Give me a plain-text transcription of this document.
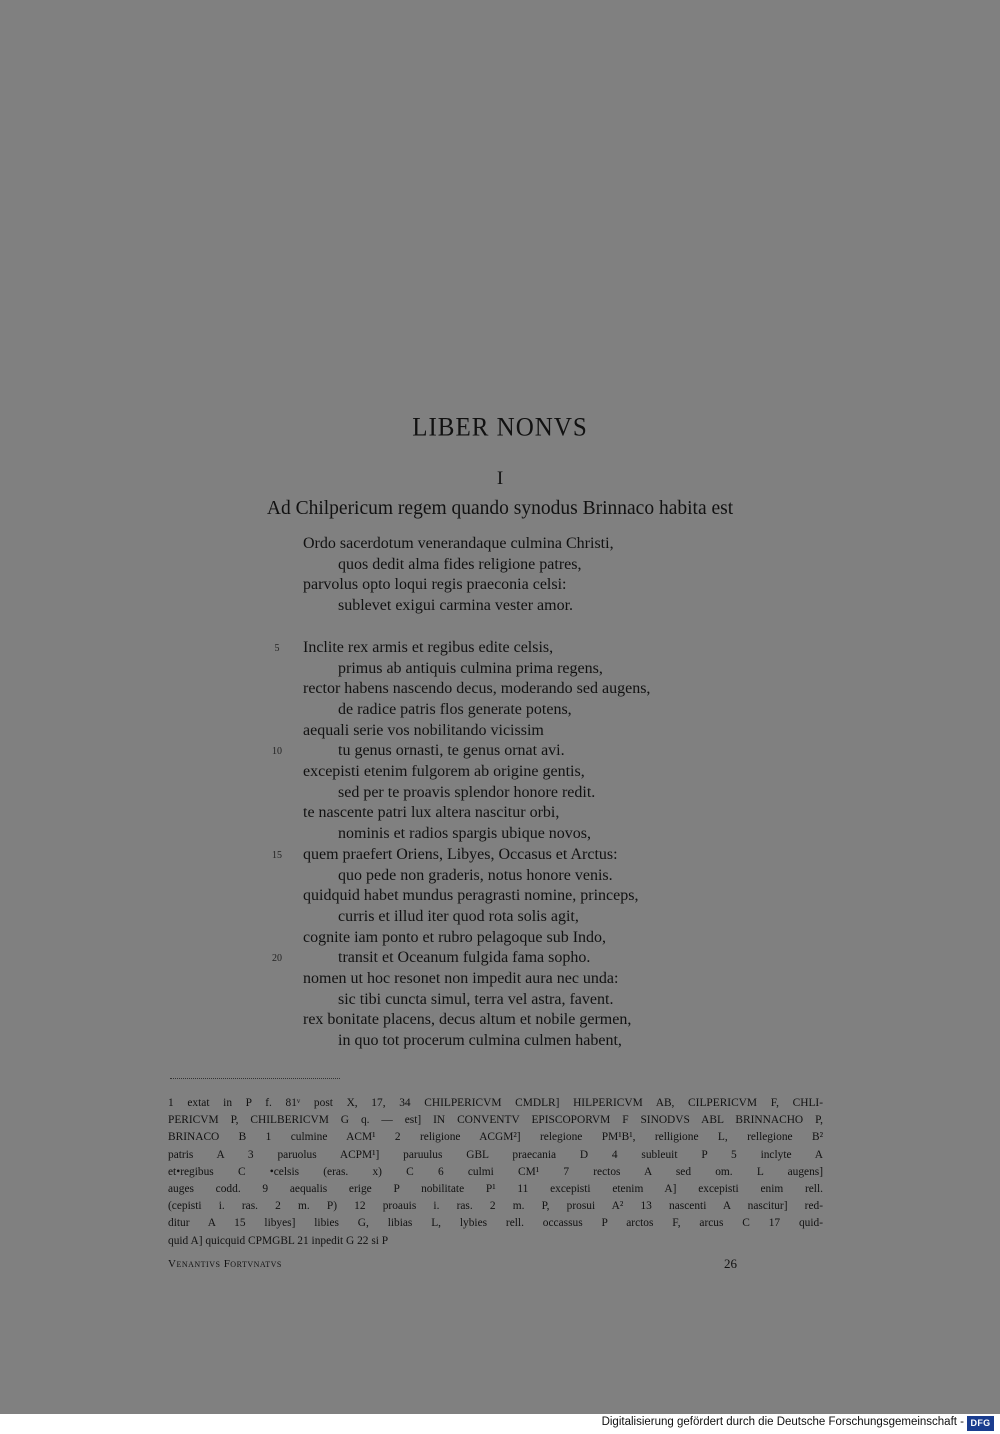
LIBER NONVS
I
Ad Chilpericum regem quando synodus Brinnaco habita est
Ordo sacerdotum venerandaque culmina Christi,
quos dedit alma fides religione patres,
parvolus opto loqui regis praeconia celsi:
sublevet exigui carmina vester amor.
Inclite rex armis et regibus edite celsis,
5
primus ab antiquis culmina prima regens,
rector habens nascendo decus, moderando sed augens,
de radice patris flos generate potens,
aequali serie vos nobilitando vicissim
tu genus ornasti, te genus ornat avi.
10
excepisti etenim fulgorem ab origine gentis,
sed per te proavis splendor honore redit.
te nascente patri lux altera nascitur orbi,
nominis et radios spargis ubique novos,
quem praefert Oriens, Libyes, Occasus et Arctus:
15
quo pede non graderis, notus honore venis.
quidquid habet mundus peragrasti nomine, princeps,
curris et illud iter quod rota solis agit,
cognite iam ponto et rubro pelagoque sub Indo,
transit et Oceanum fulgida fama sopho.
20
nomen ut hoc resonet non impedit aura nec unda:
sic tibi cuncta simul, terra vel astra, favent.
rex bonitate placens, decus altum et nobile germen,
in quo tot procerum culmina culmen habent,
1 extat in P f. 81ᵛ post X, 17, 34 CHILPERICVM CMDLR] HILPERICVM AB, CILPERICVM F, CHLI-
PERICVM P, CHILBERICVM G q. — est] IN CONVENTV EPISCOPORVM F SINODVS ABL BRINNACHO P,
BRINACO B 1 culmine ACM¹ 2 religione ACGM²] relegione PM¹B¹, relligione L, rellegione B²
patris A 3 paruolus ACPM¹] paruulus GBL praecania D 4 subleuit P 5 inclyte A
et•regibus C •celsis (eras. x) C 6 culmi CM¹ 7 rectos A sed om. L augens]
auges codd. 9 aequalis erige P nobilitate P¹ 11 excepisti etenim A] excepisti enim rell.
(cepisti i. ras. 2 m. P) 12 proauis i. ras. 2 m. P, prosui A² 13 nascenti A nascitur] red-
ditur A 15 libyes] libies G, libias L, lybies rell. occassus P arctos F, arcus C 17 quid-
quid A] quicquid CPMGBL 21 inpedit G 22 si P
Venantivs Fortvnatvs	26
Digitalisierung gefördert durch die Deutsche Forschungsgemeinschaft - DFG
